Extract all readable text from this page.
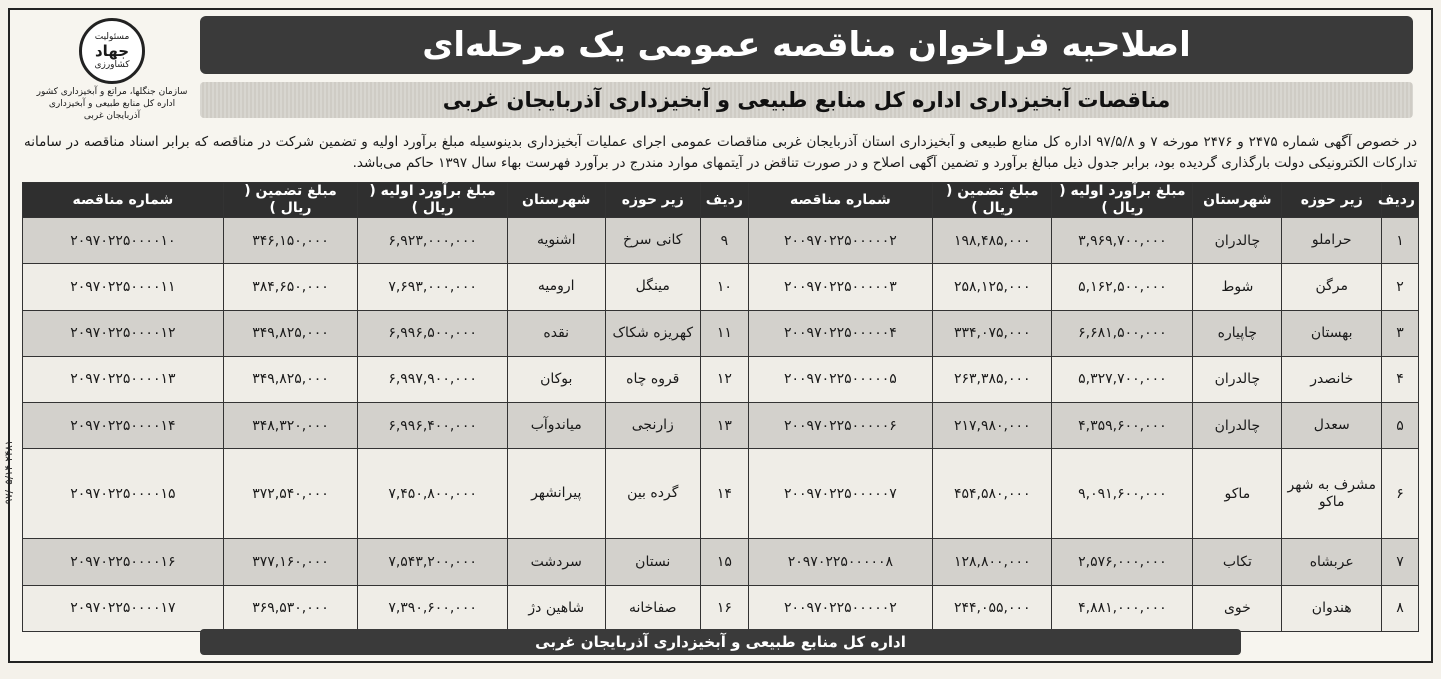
مسئولیت
جهاد
کشاورزی
سازمان جنگلها، مراتع و آبخیزداری کشور اداره کل منابع طبیعی و آبخیزداری آذربایجان غربی
اصلاحیه فراخوان مناقصه عمومی یک مرحله‌ای
مناقصات آبخیزداری اداره کل منابع طبیعی و آبخیزداری آذربایجان غربی
در خصوص آگهی شماره ۲۴۷۵ و ۲۴۷۶ مورخه ۷ و ۹۷/۵/۸ اداره کل منابع طبیعی و آبخیزداری استان آذربایجان غربی مناقصات عمومی اجرای عملیات آبخیزداری بدینوسیله مبلغ برآورد اولیه و تضمین شرکت در مناقصه که برابر اسناد مناقصه در سامانه تدارکات الکترونیکی دولت بارگذاری گردیده بود، برابر جدول ذیل مبالغ برآورد و تضمین آگهی اصلاح و در صورت تناقض در آیتمهای موارد مندرج در برآورد فهرست بهاء سال ۱۳۹۷ حاکم می‌باشد.
ردیف	زیر حوزه	شهرستان	مبلغ برآورد اولیه ( ریال )	مبلغ تضمین ( ریال )	شماره مناقصه	ردیف	زیر حوزه	شهرستان	مبلغ برآورد اولیه ( ریال )	مبلغ تضمین ( ریال )	شماره مناقصه
۱	حراملو	چالدران	۳,۹۶۹,۷۰۰,۰۰۰	۱۹۸,۴۸۵,۰۰۰	۲۰۰۹۷۰۲۲۵۰۰۰۰۰۲	۹	کانی سرخ	اشنویه	۶,۹۲۳,۰۰۰,۰۰۰	۳۴۶,۱۵۰,۰۰۰	۲۰۹۷۰۲۲۵۰۰۰۰۱۰
۲	مرگن	شوط	۵,۱۶۲,۵۰۰,۰۰۰	۲۵۸,۱۲۵,۰۰۰	۲۰۰۹۷۰۲۲۵۰۰۰۰۰۳	۱۰	مینگل	ارومیه	۷,۶۹۳,۰۰۰,۰۰۰	۳۸۴,۶۵۰,۰۰۰	۲۰۹۷۰۲۲۵۰۰۰۰۱۱
۳	بهستان	چاپیاره	۶,۶۸۱,۵۰۰,۰۰۰	۳۳۴,۰۷۵,۰۰۰	۲۰۰۹۷۰۲۲۵۰۰۰۰۰۴	۱۱	کهریزه شکاک	نقده	۶,۹۹۶,۵۰۰,۰۰۰	۳۴۹,۸۲۵,۰۰۰	۲۰۹۷۰۲۲۵۰۰۰۰۱۲
۴	خانصدر	چالدران	۵,۳۲۷,۷۰۰,۰۰۰	۲۶۳,۳۸۵,۰۰۰	۲۰۰۹۷۰۲۲۵۰۰۰۰۰۵	۱۲	قروه چاه	بوکان	۶,۹۹۷,۹۰۰,۰۰۰	۳۴۹,۸۲۵,۰۰۰	۲۰۹۷۰۲۲۵۰۰۰۰۱۳
۵	سعدل	چالدران	۴,۳۵۹,۶۰۰,۰۰۰	۲۱۷,۹۸۰,۰۰۰	۲۰۰۹۷۰۲۲۵۰۰۰۰۰۶	۱۳	زارنجی	میاندوآب	۶,۹۹۶,۴۰۰,۰۰۰	۳۴۸,۳۲۰,۰۰۰	۲۰۹۷۰۲۲۵۰۰۰۰۱۴
۶	مشرف به شهر ماکو	ماکو	۹,۰۹۱,۶۰۰,۰۰۰	۴۵۴,۵۸۰,۰۰۰	۲۰۰۹۷۰۲۲۵۰۰۰۰۰۷	۱۴	گرده بین	پیرانشهر	۷,۴۵۰,۸۰۰,۰۰۰	۳۷۲,۵۴۰,۰۰۰	۲۰۹۷۰۲۲۵۰۰۰۰۱۵
۷	عربشاه	تکاب	۲,۵۷۶,۰۰۰,۰۰۰	۱۲۸,۸۰۰,۰۰۰	۲۰۹۷۰۲۲۵۰۰۰۰۰۸	۱۵	نستان	سردشت	۷,۵۴۳,۲۰۰,۰۰۰	۳۷۷,۱۶۰,۰۰۰	۲۰۹۷۰۲۲۵۰۰۰۰۱۶
۸	هندوان	خوی	۴,۸۸۱,۰۰۰,۰۰۰	۲۴۴,۰۵۵,۰۰۰	۲۰۰۹۷۰۲۲۵۰۰۰۰۰۲	۱۶	صفاخانه	شاهین دژ	۷,۳۹۰,۶۰۰,۰۰۰	۳۶۹,۵۳۰,۰۰۰	۲۰۹۷۰۲۲۵۰۰۰۰۱۷
اداره کل منابع طبیعی و آبخیزداری آذربایجان غربی
۹۷/۰۵/۱۴-۲۴۸۱
